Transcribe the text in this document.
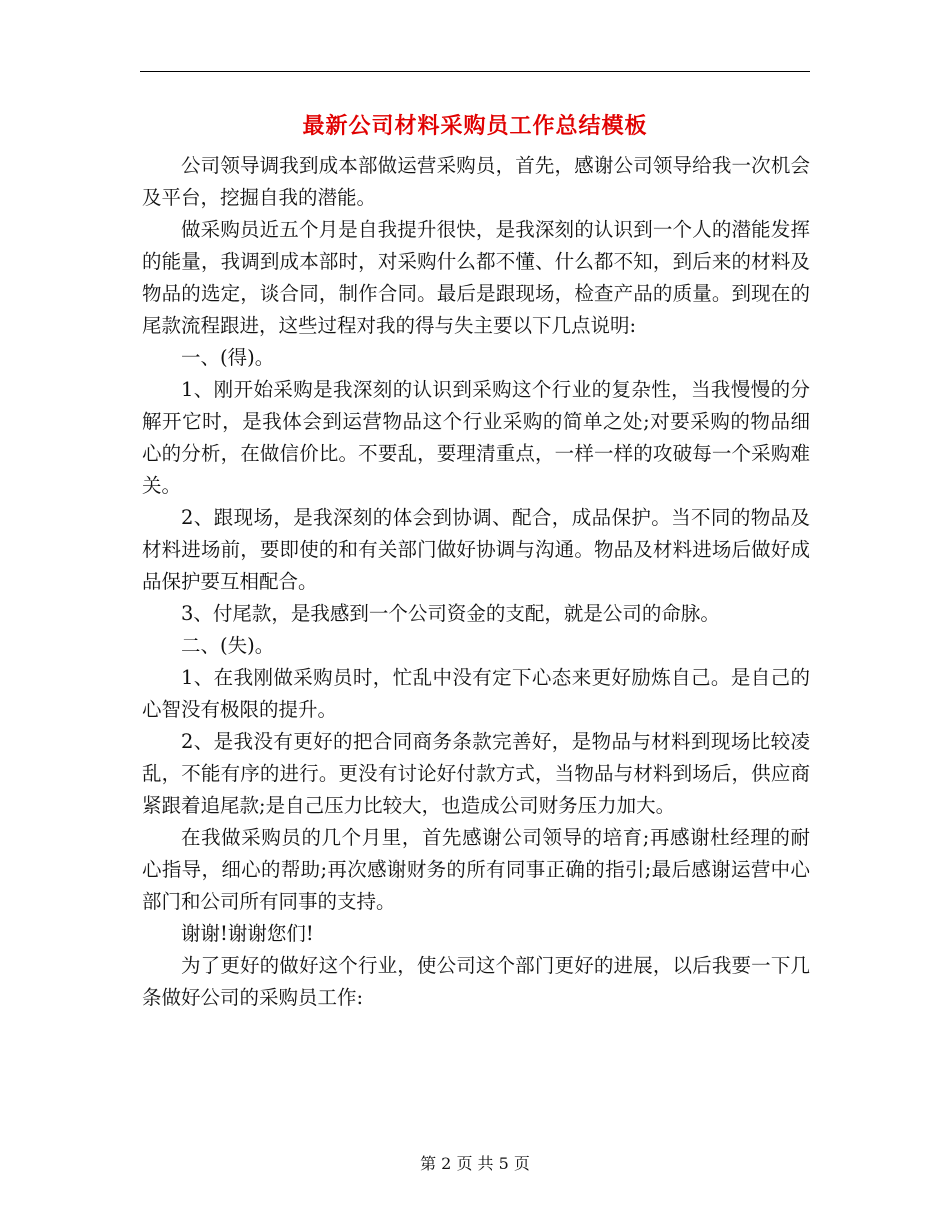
最新公司材料采购员工作总结模板

公司领导调我到成本部做运营采购员，首先，感谢公司领导给我一次机会及平台，挖掘自我的潜能。

做采购员近五个月是自我提升很快，是我深刻的认识到一个人的潜能发挥的能量，我调到成本部时，对采购什么都不懂、什么都不知，到后来的材料及物品的选定，谈合同，制作合同。最后是跟现场，检查产品的质量。到现在的尾款流程跟进，这些过程对我的得与失主要以下几点说明:

一、(得)。

1、刚开始采购是我深刻的认识到采购这个行业的复杂性，当我慢慢的分解开它时，是我体会到运营物品这个行业采购的简单之处;对要采购的物品细心的分析，在做信价比。不要乱，要理清重点，一样一样的攻破每一个采购难关。

2、跟现场，是我深刻的体会到协调、配合，成品保护。当不同的物品及材料进场前，要即使的和有关部门做好协调与沟通。物品及材料进场后做好成品保护要互相配合。

3、付尾款，是我感到一个公司资金的支配，就是公司的命脉。

二、(失)。

1、在我刚做采购员时，忙乱中没有定下心态来更好励炼自己。是自己的心智没有极限的提升。

2、是我没有更好的把合同商务条款完善好，是物品与材料到现场比较凌乱，不能有序的进行。更没有讨论好付款方式，当物品与材料到场后，供应商紧跟着追尾款;是自己压力比较大，也造成公司财务压力加大。

在我做采购员的几个月里，首先感谢公司领导的培育;再感谢杜经理的耐心指导，细心的帮助;再次感谢财务的所有同事正确的指引;最后感谢运营中心部门和公司所有同事的支持。

谢谢!谢谢您们!

为了更好的做好这个行业，使公司这个部门更好的进展，以后我要一下几条做好公司的采购员工作:

第 2 页 共 5 页
